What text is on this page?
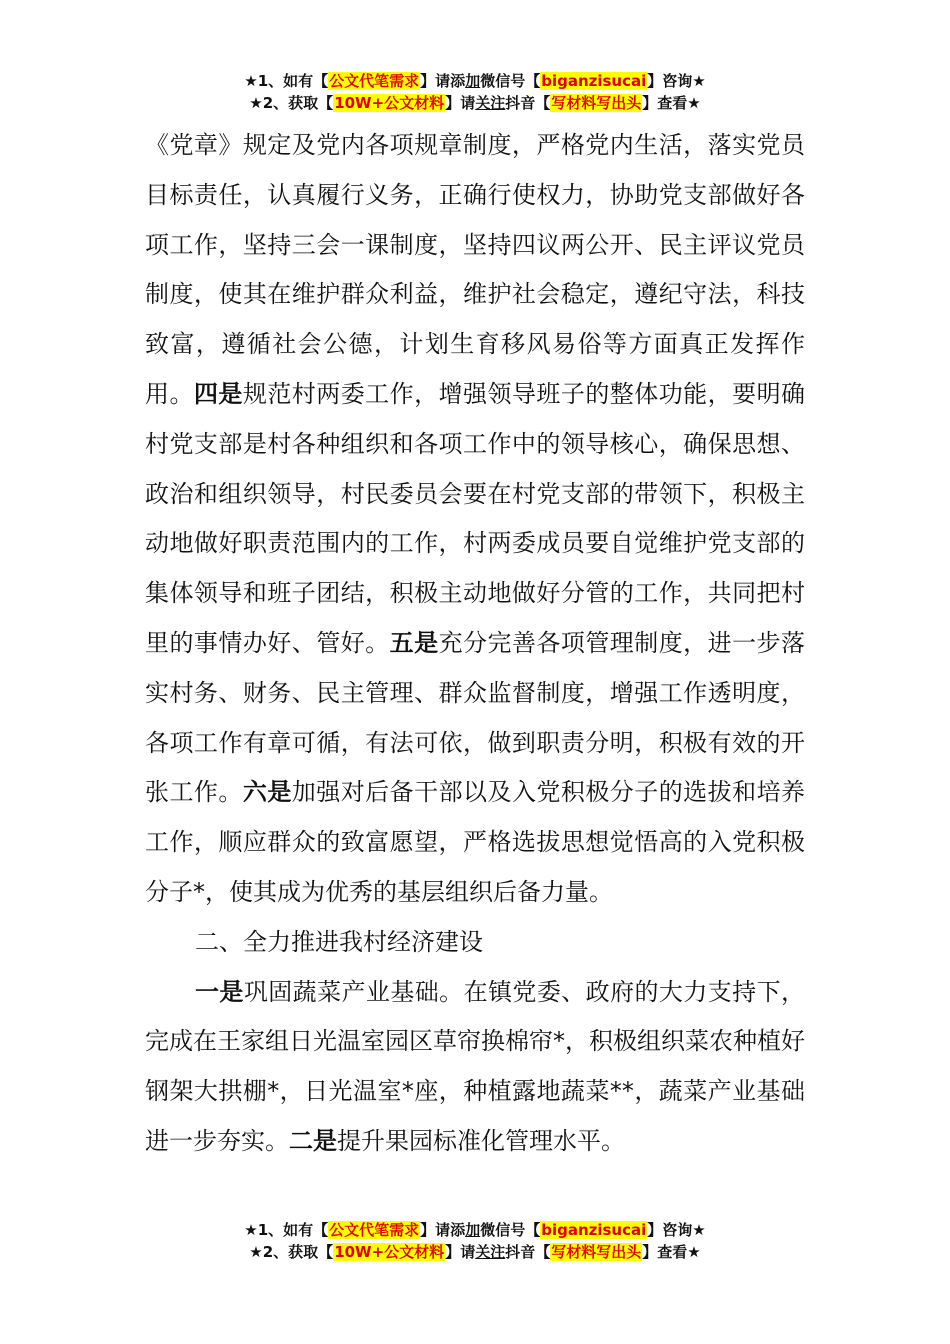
★1、如有【公文代笔需求】请添加微信号【biganzisucai】咨询★
★2、获取【10W+公文材料】请关注抖音【写材料写出头】查看★

《党章》规定及党内各项规章制度，严格党内生活，落实党员目标责任，认真履行义务，正确行使权力，协助党支部做好各项工作，坚持三会一课制度，坚持四议两公开、民主评议党员制度，使其在维护群众利益，维护社会稳定，遵纪守法，科技致富，遵循社会公德，计划生育移风易俗等方面真正发挥作用。四是规范村两委工作，增强领导班子的整体功能，要明确村党支部是村各种组织和各项工作中的领导核心，确保思想、政治和组织领导，村民委员会要在村党支部的带领下，积极主动地做好职责范围内的工作，村两委成员要自觉维护党支部的集体领导和班子团结，积极主动地做好分管的工作，共同把村里的事情办好、管好。五是充分完善各项管理制度，进一步落实村务、财务、民主管理、群众监督制度，增强工作透明度，各项工作有章可循，有法可依，做到职责分明，积极有效的开张工作。六是加强对后备干部以及入党积极分子的选拔和培养工作，顺应群众的致富愿望，严格选拔思想觉悟高的入党积极分子*，使其成为优秀的基层组织后备力量。

二、全力推进我村经济建设

一是巩固蔬菜产业基础。在镇党委、政府的大力支持下，完成在王家组日光温室园区草帘换棉帘*，积极组织菜农种植好钢架大拱棚*，日光温室*座，种植露地蔬菜**，蔬菜产业基础进一步夯实。二是提升果园标准化管理水平。

★1、如有【公文代笔需求】请添加微信号【biganzisucai】咨询★
★2、获取【10W+公文材料】请关注抖音【写材料写出头】查看★
